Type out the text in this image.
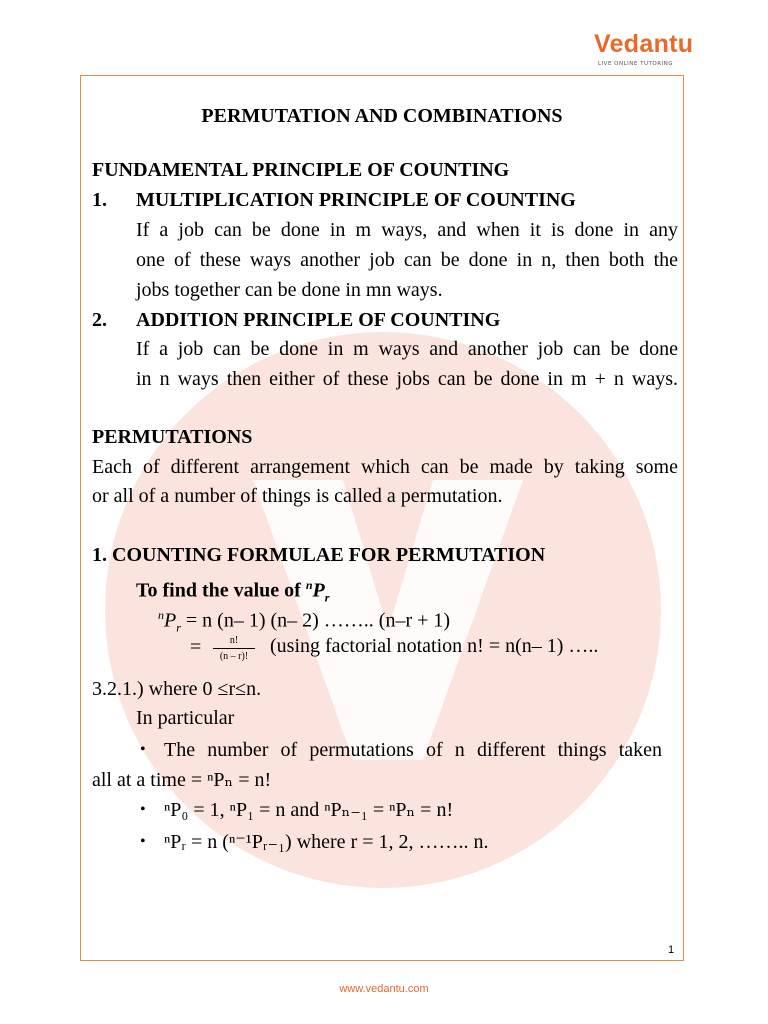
Vedantu
LIVE ONLINE TUTORING
PERMUTATION AND COMBINATIONS
FUNDAMENTAL PRINCIPLE OF COUNTING
1. MULTIPLICATION PRINCIPLE OF COUNTING
If a job can be done in m ways, and when it is done in any
one of these ways another job can be done in n, then both the
jobs together can be done in mn ways.
2. ADDITION PRINCIPLE OF COUNTING
If a job can be done in m ways and another job can be done
in n ways then either of these jobs can be done in m + n ways.
PERMUTATIONS
Each of different arrangement which can be made by taking some
or all of a number of things is called a permutation.
1. COUNTING FORMULAE FOR PERMUTATION
To find the value of $^nP_r$
$^nP_r = n$ (n– 1) (n– 2) …….. (n–r + 1)
=	n!
(n – r)!	(using factorial notation n! = n(n– 1) …..
3.2.1.) where 0 ≤r≤n.
In particular
• The number of permutations of n different things taken
all at a time = ⁿPₙ = n!
• ⁿP₀ = 1, ⁿP₁ = n and ⁿPₙ₋₁ = ⁿPₙ = n!
• ⁿPᵣ = n (ⁿ⁻¹Pᵣ₋₁) where r = 1, 2, …….. n.
1
www.vedantu.com
